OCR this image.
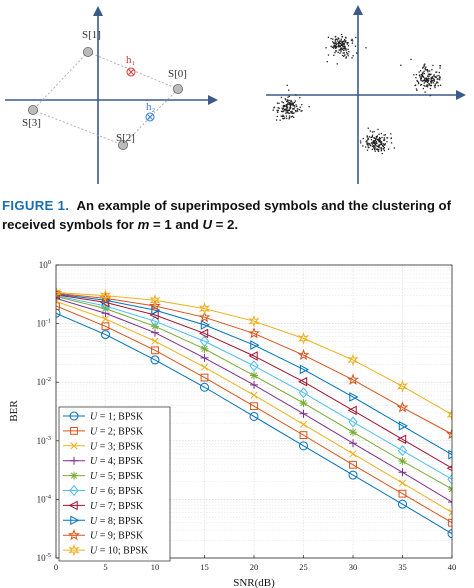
S[1]
S[0]
S[3]
S[2]
h₁
h₂
FIGURE 1. An example of superimposed symbols and the clustering of received symbols for m = 1 and U = 2.
0	5	10	15	20	25	30	35	40
$10^0$
$10^{-1}$
$10^{-2}$
$10^{-3}$
$10^{-4}$
$10^{-5}$
SNR(dB)
BER	U = 1; BPSK
U = 2; BPSK
U = 3; BPSK
U = 4; BPSK
U = 5; BPSK
U = 6; BPSK
U = 7; BPSK
U = 8; BPSK
U = 9; BPSK
U = 10; BPSK
